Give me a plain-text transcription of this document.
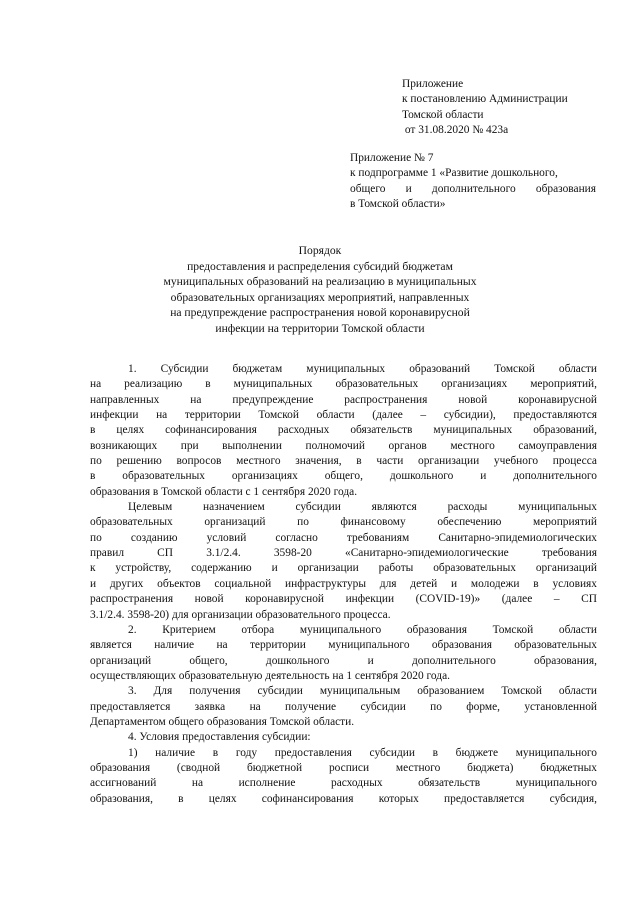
Приложение
к постановлению Администрации
Томской области
от 31.08.2020 № 423а
Приложение № 7
к подпрограмме 1 «Развитие дошкольного,
общего и дополнительного образования
в Томской области»
Порядок
предоставления и распределения субсидий бюджетам
муниципальных образований на реализацию в муниципальных
образовательных организациях мероприятий, направленных
на предупреждение распространения новой коронавирусной
инфекции на территории Томской области
1. Субсидии бюджетам муниципальных образований Томской области
на реализацию в муниципальных образовательных организациях мероприятий,
направленных на предупреждение распространения новой коронавирусной
инфекции на территории Томской области (далее – субсидии), предоставляются
в целях софинансирования расходных обязательств муниципальных образований,
возникающих при выполнении полномочий органов местного самоуправления
по решению вопросов местного значения, в части организации учебного процесса
в образовательных организациях общего, дошкольного и дополнительного
образования в Томской области с 1 сентября 2020 года.
Целевым назначением субсидии являются расходы муниципальных
образовательных организаций по финансовому обеспечению мероприятий
по созданию условий согласно требованиям Санитарно-эпидемиологических
правил СП 3.1/2.4. 3598-20 «Санитарно-эпидемиологические требования
к устройству, содержанию и организации работы образовательных организаций
и других объектов социальной инфраструктуры для детей и молодежи в условиях
распространения новой коронавирусной инфекции (COVID-19)» (далее – СП
3.1/2.4. 3598-20) для организации образовательного процесса.
2. Критерием отбора муниципального образования Томской области
является наличие на территории муниципального образования образовательных
организаций общего, дошкольного и дополнительного образования,
осуществляющих образовательную деятельность на 1 сентября 2020 года.
3. Для получения субсидии муниципальным образованием Томской области
предоставляется заявка на получение субсидии по форме, установленной
Департаментом общего образования Томской области.
4. Условия предоставления субсидии:
1) наличие в году предоставления субсидии в бюджете муниципального
образования (сводной бюджетной росписи местного бюджета) бюджетных
ассигнований на исполнение расходных обязательств муниципального
образования, в целях софинансирования которых предоставляется субсидия,
